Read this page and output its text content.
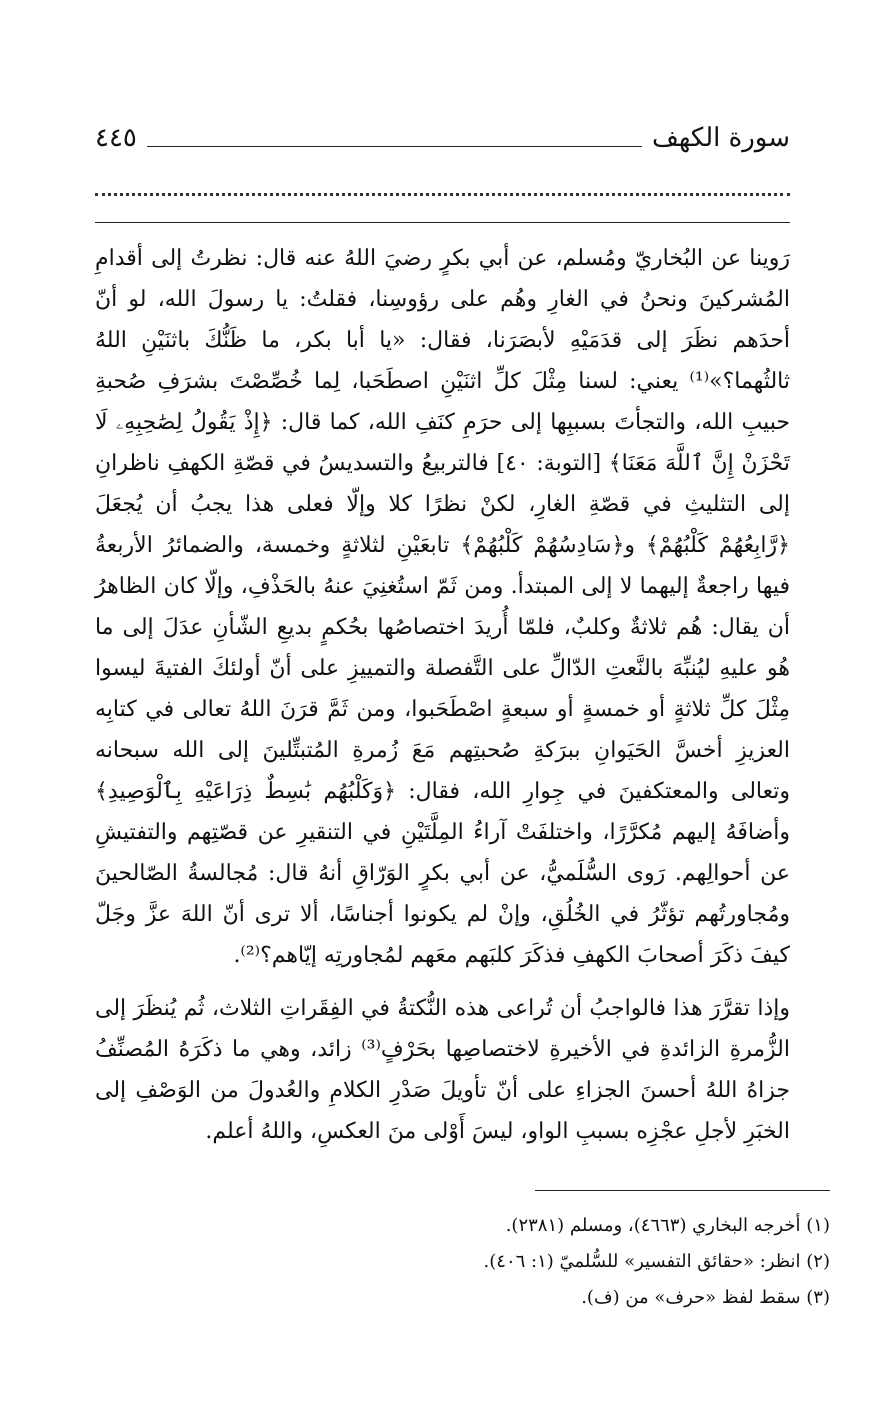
سورة الكهف
٤٤٥

رَوينا عن البُخاريّ ومُسلم، عن أبي بكرٍ رضيَ اللهُ عنه قال: نظرتُ إلى أقدامِ المُشركينَ ونحنُ في الغارِ وهُم على رؤوسِنا، فقلتُ: يا رسولَ الله، لو أنّ أحدَهم نظَرَ إلى قدَمَيْهِ لأبصَرَنا، فقال: «يا أبا بكر، ما ظَنُّكَ باثنَيْنِ اللهُ ثالثُهما؟»⁽¹⁾ يعني: لسنا مِثْلَ كلِّ اثنَيْنِ اصطَحَبا، لِما خُصِّصْتَ بشرَفِ صُحبةِ حبيبِ الله، والتجأتَ بسببِها إلى حرَمِ كنَفِ الله، كما قال: ﴿إِذْ يَقُولُ لِصَٰحِبِهِۦ لَا تَحْزَنْ إِنَّ ٱللَّهَ مَعَنَا﴾ [التوبة: ٤٠] فالتربيعُ والتسديسُ في قصّةِ الكهفِ ناظرانِ إلى التثليثِ في قصّةِ الغارِ، لكنْ نظرًا كلا وإلّا فعلى هذا يجبُ أن يُجعَلَ ﴿رَّابِعُهُمْ كَلْبُهُمْ﴾ و﴿سَادِسُهُمْ كَلْبُهُمْ﴾ تابعَيْنِ لثلاثةٍ وخمسة، والضمائرُ الأربعةُ فيها راجعةٌ إليهما لا إلى المبتدأ. ومن ثَمّ استُغنِيَ عنهُ بالحَذْفِ، وإلّا كان الظاهرُ أن يقال: هُم ثلاثةٌ وكلبٌ، فلمّا أُريدَ اختصاصُها بحُكمٍ بديعِ الشّأنِ عدَلَ إلى ما هُو عليهِ ليُنبِّهَ بالنَّعتِ الدّالِّ على التَّفصلة والتمييزِ على أنّ أولئكَ الفتيةَ ليسوا مِثْلَ كلِّ ثلاثةٍ أو خمسةٍ أو سبعةٍ اصْطَحَبوا، ومن ثَمَّ قرَنَ اللهُ تعالى في كتابِه العزيزِ أخسَّ الحَيَوانِ ببرَكةِ صُحبتِهم مَعَ زُمرةِ المُتبتِّلينَ إلى الله سبحانه وتعالى والمعتكفينَ في جِوارِ الله، فقال: ﴿وَكَلْبُهُم بَٰسِطٌ ذِرَاعَيْهِ بِٱلْوَصِيدِ﴾ وأضافَهُ إليهم مُكرَّرًا، واختلفَتْ آراءُ المِلَّتَيْنِ في التنقيرِ عن قصّتِهم والتفتيشِ عن أحوالِهم. رَوى السُّلَميُّ، عن أبي بكرٍ الوَرّاقِ أنهُ قال: مُجالسةُ الصّالحينَ ومُجاورتُهم تؤثّرُ في الخُلُقِ، وإنْ لم يكونوا أجناسًا، ألا ترى أنّ اللهَ عزَّ وجَلّ كيفَ ذكَرَ أصحابَ الكهفِ فذكَرَ كلبَهم معَهم لمُجاورتِه إيّاهم؟⁽²⁾.

وإذا تقرَّرَ هذا فالواجبُ أن تُراعى هذه النُّكتةُ في الفِقَراتِ الثلاث، ثُم يُنظَرَ إلى الزُّمرةِ الزائدةِ في الأخيرةِ لاختصاصِها بحَرْفٍ⁽³⁾ زائد، وهي ما ذكَرَهُ المُصنِّفُ جزاهُ اللهُ أحسنَ الجزاءِ على أنّ تأويلَ صَدْرِ الكلامِ والعُدولَ من الوَصْفِ إلى الخبَرِ لأجلِ عجْزِه بسببِ الواو، ليسَ أَوْلى منَ العكسِ، واللهُ أعلم.

(١) أخرجه البخاري (٤٦٦٣)، ومسلم (٢٣٨١).
(٢) انظر: «حقائق التفسير» للسُّلميّ (١: ٤٠٦).
(٣) سقط لفظ «حرف» من (ف).
